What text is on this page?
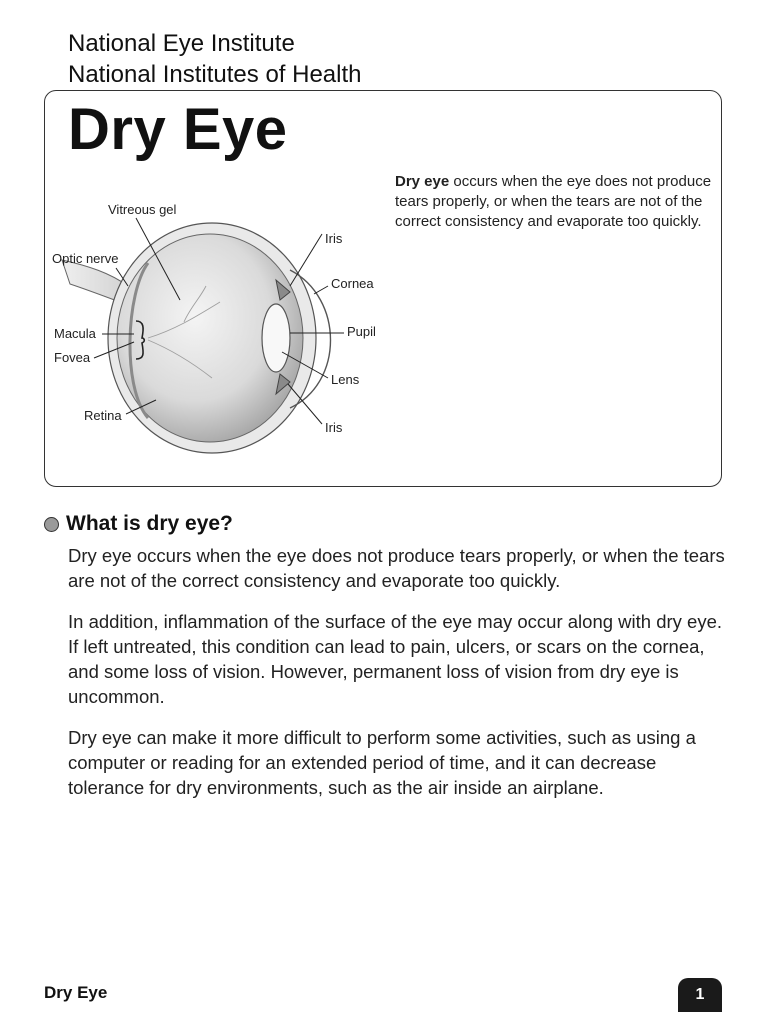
National Eye Institute
National Institutes of Health
Dry Eye
Vitreous gel
Optic nerve
Macula
Fovea
Retina
Iris
Cornea
Pupil
Lens
Iris
Dry eye occurs when the eye does not produce tears properly, or when the tears are not of the correct consistency and evaporate too quickly.
What is dry eye?

Dry eye occurs when the eye does not produce tears properly, or when the tears are not of the correct consistency and evaporate too quickly.

In addition, inflammation of the surface of the eye may occur along with dry eye. If left untreated, this condition can lead to pain, ulcers, or scars on the cornea, and some loss of vision. However, permanent loss of vision from dry eye is uncommon.

Dry eye can make it more difficult to perform some activities, such as using a computer or reading for an extended period of time, and it can decrease tolerance for dry environments, such as the air inside an airplane.

Dry Eye	1
